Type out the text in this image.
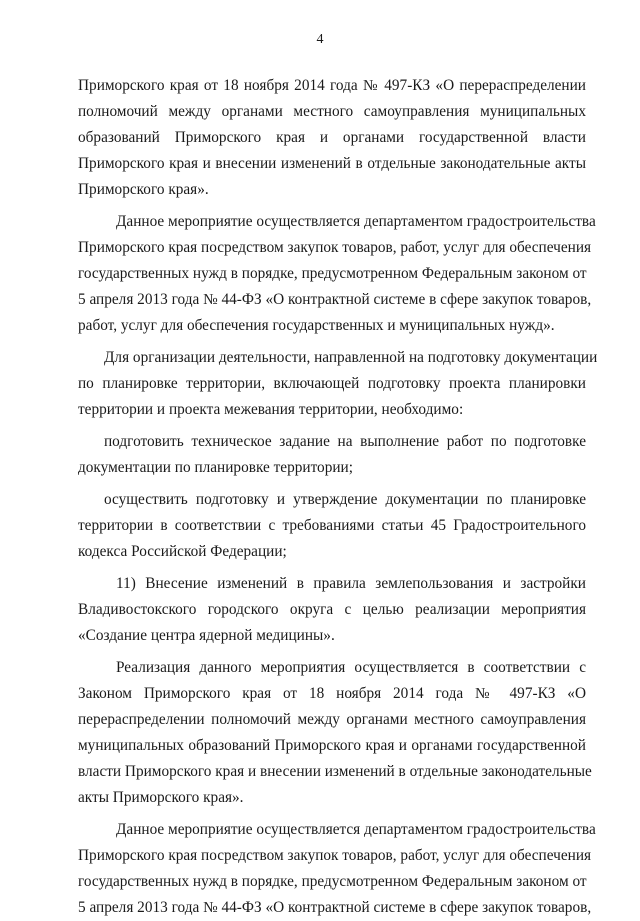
4
Приморского края от 18 ноября 2014 года № 497-КЗ «О перераспределении
полномочий между органами местного самоуправления муниципальных
образований Приморского края и органами государственной власти
Приморского края и внесении изменений в отдельные законодательные акты
Приморского края».
Данное мероприятие осуществляется департаментом градостроительства
Приморского края посредством закупок товаров, работ, услуг для обеспечения
государственных нужд в порядке, предусмотренном Федеральным законом от
5 апреля 2013 года № 44-ФЗ «О контрактной системе в сфере закупок товаров,
работ, услуг для обеспечения государственных и муниципальных нужд».
Для организации деятельности, направленной на подготовку документации
по планировке территории, включающей подготовку проекта планировки
территории и проекта межевания территории, необходимо:
подготовить техническое задание на выполнение работ по подготовке
документации по планировке территории;
осуществить подготовку и утверждение документации по планировке
территории в соответствии с требованиями статьи 45 Градостроительного
кодекса Российской Федерации;
11) Внесение изменений в правила землепользования и застройки
Владивостокского городского округа с целью реализации мероприятия
«Создание центра ядерной медицины».
Реализация данного мероприятия осуществляется в соответствии с
Законом Приморского края от 18 ноября 2014 года № 497-КЗ «О
перераспределении полномочий между органами местного самоуправления
муниципальных образований Приморского края и органами государственной
власти Приморского края и внесении изменений в отдельные законодательные
акты Приморского края».
Данное мероприятие осуществляется департаментом градостроительства
Приморского края посредством закупок товаров, работ, услуг для обеспечения
государственных нужд в порядке, предусмотренном Федеральным законом от
5 апреля 2013 года № 44-ФЗ «О контрактной системе в сфере закупок товаров,
